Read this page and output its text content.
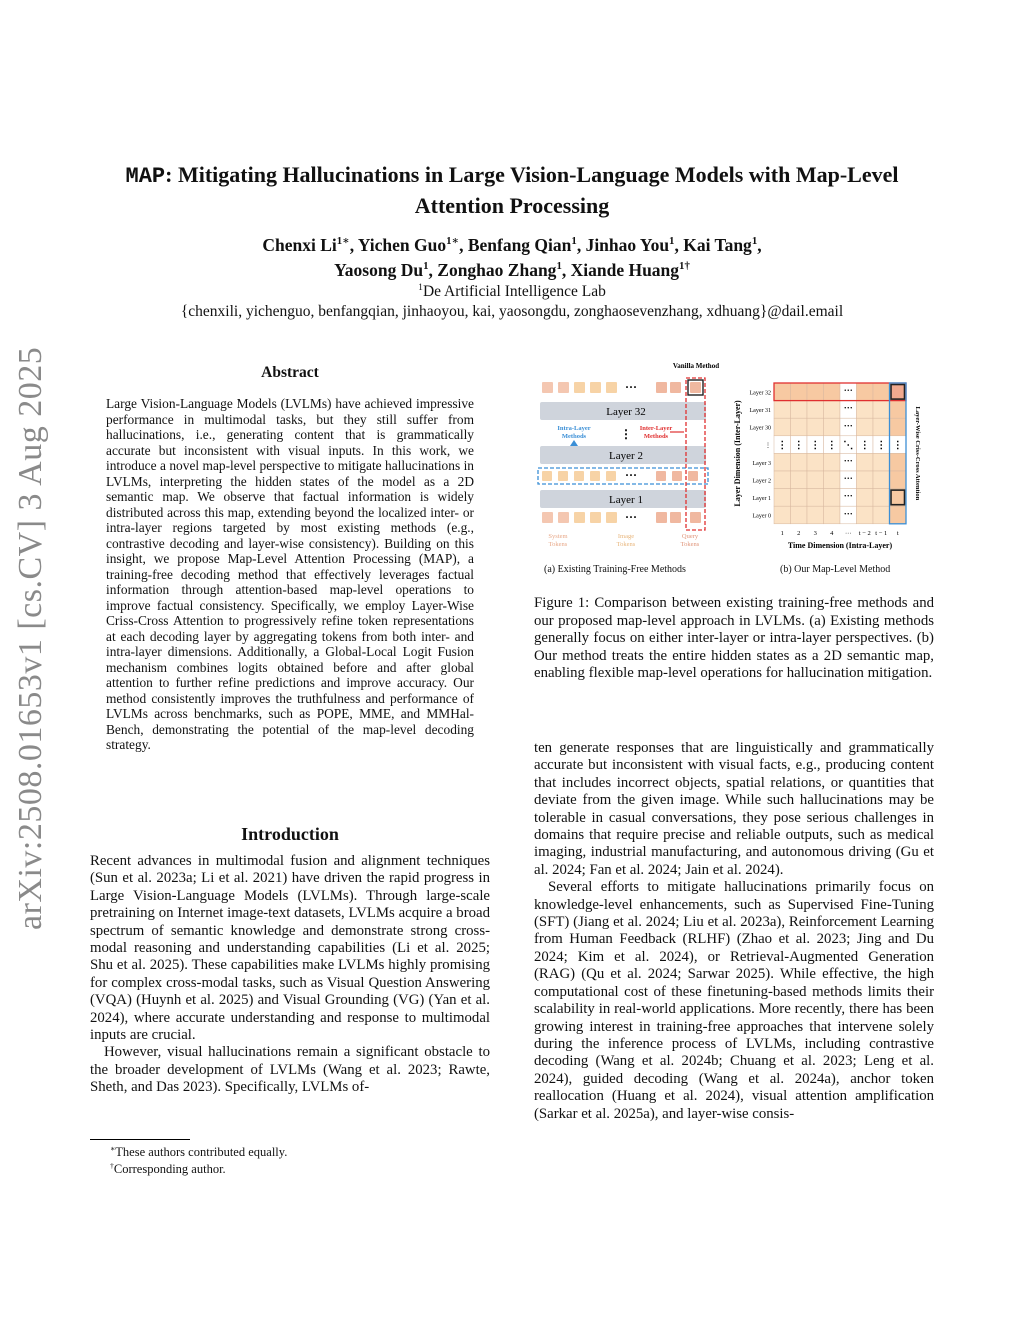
arXiv:2508.01653v1 [cs.CV] 3 Aug 2025
MAP: Mitigating Hallucinations in Large Vision-Language Models with Map-Level Attention Processing
Chenxi $Li^{1∗}$, Yichen Guo$^{1∗}$, Benfang Qian$^1$, Jinhao You$^1$, Kai Tang$^1$,
Yaosong Du$^1$, Zonghao Zhang$^1$, Xiande Huang$^{1\dagger}$
$^1$De Artificial Intelligence Lab
{chenxili, yichenguo, benfangqian, jinhaoyou, kai, yaosongdu, zonghaosevenzhang, xdhuang}@dail.email
Abstract
Large Vision-Language Models (LVLMs) have achieved impressive performance in multimodal tasks, but they still suffer from hallucinations, i.e., generating content that is grammatically accurate but inconsistent with visual inputs. In this work, we introduce a novel map-level perspective to mitigate hallucinations in LVLMs, interpreting the hidden states of the model as a 2D semantic map. We observe that factual information is widely distributed across this map, extending beyond the localized inter- or intra-layer regions targeted by most existing methods (e.g., contrastive decoding and layer-wise consistency). Building on this insight, we propose Map-Level Attention Processing (MAP), a training-free decoding method that effectively leverages factual information through attention-based map-level operations to improve factual consistency. Specifically, we employ Layer-Wise Criss-Cross Attention to progressively refine token representations at each decoding layer by aggregating tokens from both inter- and intra-layer dimensions. Additionally, a Global-Local Logit Fusion mechanism combines logits obtained before and after global attention to further refine predictions and improve accuracy. Our method consistently improves the truthfulness and performance of LVLMs across benchmarks, such as POPE, MME, and MMHal-Bench, demonstrating the potential of the map-level decoding strategy.
Introduction

Recent advances in multimodal fusion and alignment techniques (Sun et al. 2023a; Li et al. 2021) have driven the rapid progress in Large Vision-Language Models (LVLMs). Through large-scale pretraining on Internet image-text datasets, LVLMs acquire a broad spectrum of semantic knowledge and demonstrate strong cross-modal reasoning and understanding capabilities (Li et al. 2025; Shu et al. 2025). These capabilities make LVLMs highly promising for complex cross-modal tasks, such as Visual Question Answering (VQA) (Huynh et al. 2025) and Visual Grounding (VG) (Yan et al. 2024), where accurate understanding and response to multimodal inputs are crucial.

However, visual hallucinations remain a significant obstacle to the broader development of LVLMs (Wang et al. 2023; Rawte, Sheth, and Das 2023). Specifically, LVLMs of-

∗These authors contributed equally.
†Corresponding author.

ten generate responses that are linguistically and grammatically accurate but inconsistent with visual facts, e.g., producing content that includes incorrect objects, spatial relations, or quantities that deviate from the given image. While such hallucinations may be tolerable in casual conversations, they pose serious challenges in domains that require precise and reliable outputs, such as medical imaging, industrial manufacturing, and autonomous driving (Gu et al. 2024; Fan et al. 2024; Jain et al. 2024).

Several efforts to mitigate hallucinations primarily focus on knowledge-level enhancements, such as Supervised Fine-Tuning (SFT) (Jiang et al. 2024; Liu et al. 2023a), Reinforcement Learning from Human Feedback (RLHF) (Zhao et al. 2023; Jing and Du 2024; Kim et al. 2024), or Retrieval-Augmented Generation (RAG) (Qu et al. 2024; Sarwar 2025). While effective, the high computational cost of these finetuning-based methods limits their scalability in real-world applications. More recently, there has been growing interest in training-free approaches that intervene solely during the inference process of LVLMs, including contrastive decoding (Wang et al. 2024b; Chuang et al. 2023; Leng et al. 2024), guided decoding (Wang et al. 2024a), anchor token reallocation (Huang et al. 2024), visual attention amplification (Sarkar et al. 2025a), and layer-wise consis-

Vanilla Method
···
Layer 32
Intra-Layer
Methods	⋮ Inter-Layer
Methods
Layer 2
···
Layer 1
···
System
Tokens
Image
Tokens
Query
Tokens
Layer Dimension (Inter-Layer)
Layer 32	···
Layer 31	···
Layer 30	···
⋮ ⋮ ⋮ ⋮ ⋮ ⋱ ⋮ ⋮ ⋮
Layer 3	···
Layer 2	···
Layer 1	···
Layer 0	···
1 2 3 4 ··· t − 2 t − 1 t
Time Dimension (Intra-Layer)
Layer-Wise Criss-Cross Attention
(a) Existing Training-Free Methods	(b) Our Map-Level Method
Figure 1: Comparison between existing training-free methods and our proposed map-level approach in LVLMs. (a) Existing methods generally focus on either inter-layer or intra-layer perspectives. (b) Our method treats the entire hidden states as a 2D semantic map, enabling flexible map-level operations for hallucination mitigation.
